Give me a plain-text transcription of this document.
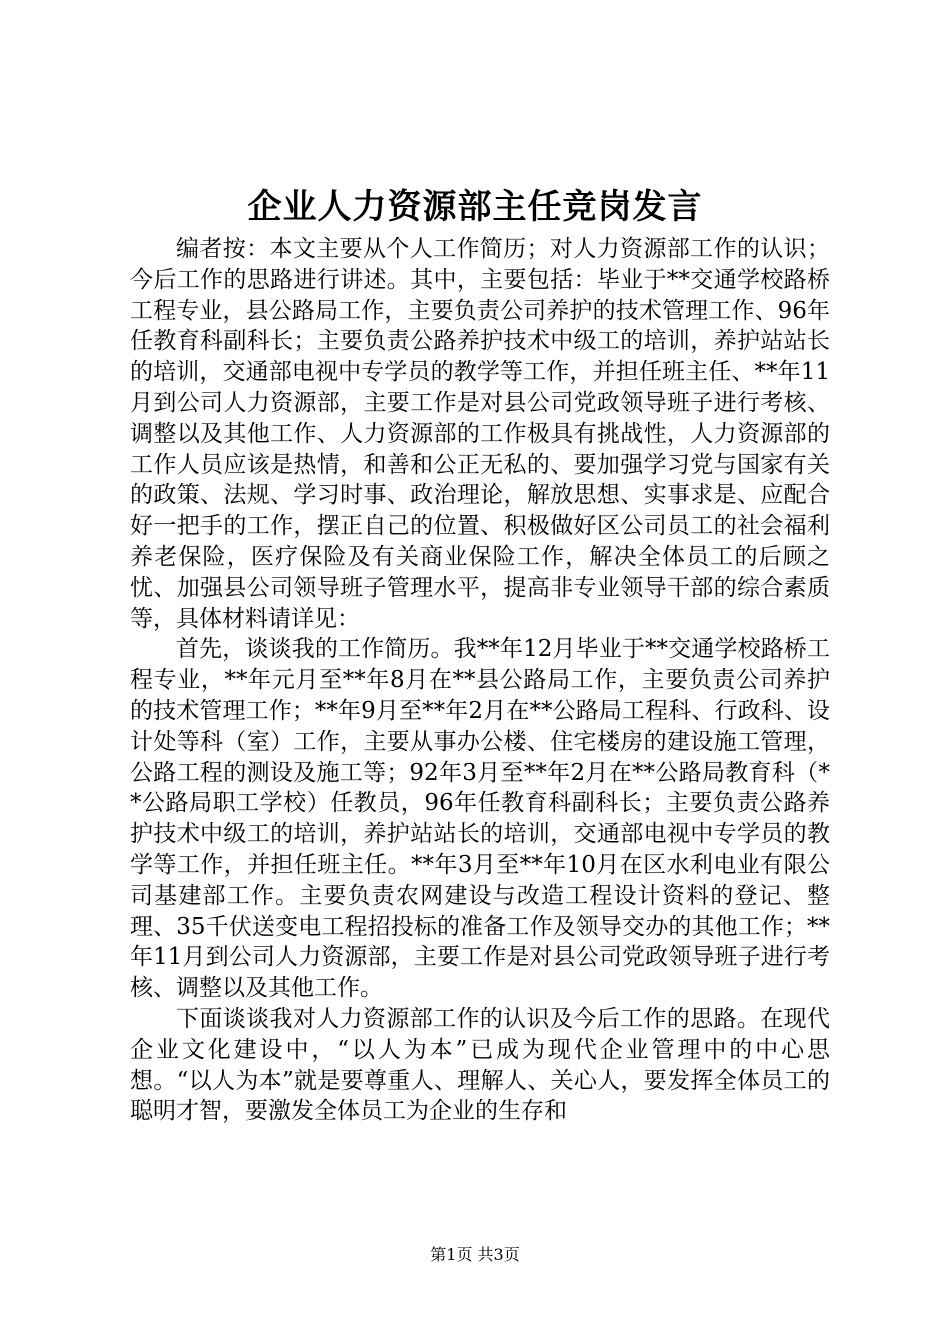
企业人力资源部主任竞岗发言

编者按：本文主要从个人工作简历；对人力资源部工作的认识；今后工作的思路进行讲述。其中，主要包括：毕业于**交通学校路桥工程专业，县公路局工作，主要负责公司养护的技术管理工作、96年任教育科副科长；主要负责公路养护技术中级工的培训，养护站站长的培训，交通部电视中专学员的教学等工作，并担任班主任、**年11月到公司人力资源部，主要工作是对县公司党政领导班子进行考核、调整以及其他工作、人力资源部的工作极具有挑战性，人力资源部的工作人员应该是热情，和善和公正无私的、要加强学习党与国家有关的政策、法规、学习时事、政治理论，解放思想、实事求是、应配合好一把手的工作，摆正自己的位置、积极做好区公司员工的社会福利养老保险，医疗保险及有关商业保险工作，解决全体员工的后顾之忧、加强县公司领导班子管理水平，提高非专业领导干部的综合素质等，具体材料请详见：

首先，谈谈我的工作简历。我**年12月毕业于**交通学校路桥工程专业，**年元月至**年8月在**县公路局工作，主要负责公司养护的技术管理工作；**年9月至**年2月在**公路局工程科、行政科、设计处等科（室）工作，主要从事办公楼、住宅楼房的建设施工管理，公路工程的测设及施工等；92年3月至**年2月在**公路局教育科（**公路局职工学校）任教员，96年任教育科副科长；主要负责公路养护技术中级工的培训，养护站站长的培训，交通部电视中专学员的教学等工作，并担任班主任。**年3月至**年10月在区水利电业有限公司基建部工作。主要负责农网建设与改造工程设计资料的登记、整理、35千伏送变电工程招投标的准备工作及领导交办的其他工作；**年11月到公司人力资源部，主要工作是对县公司党政领导班子进行考核、调整以及其他工作。

下面谈谈我对人力资源部工作的认识及今后工作的思路。在现代企业文化建设中，“以人为本”已成为现代企业管理中的中心思想。“以人为本”就是要尊重人、理解人、关心人，要发挥全体员工的聪明才智，要激发全体员工为企业的生存和

第1页 共3页
